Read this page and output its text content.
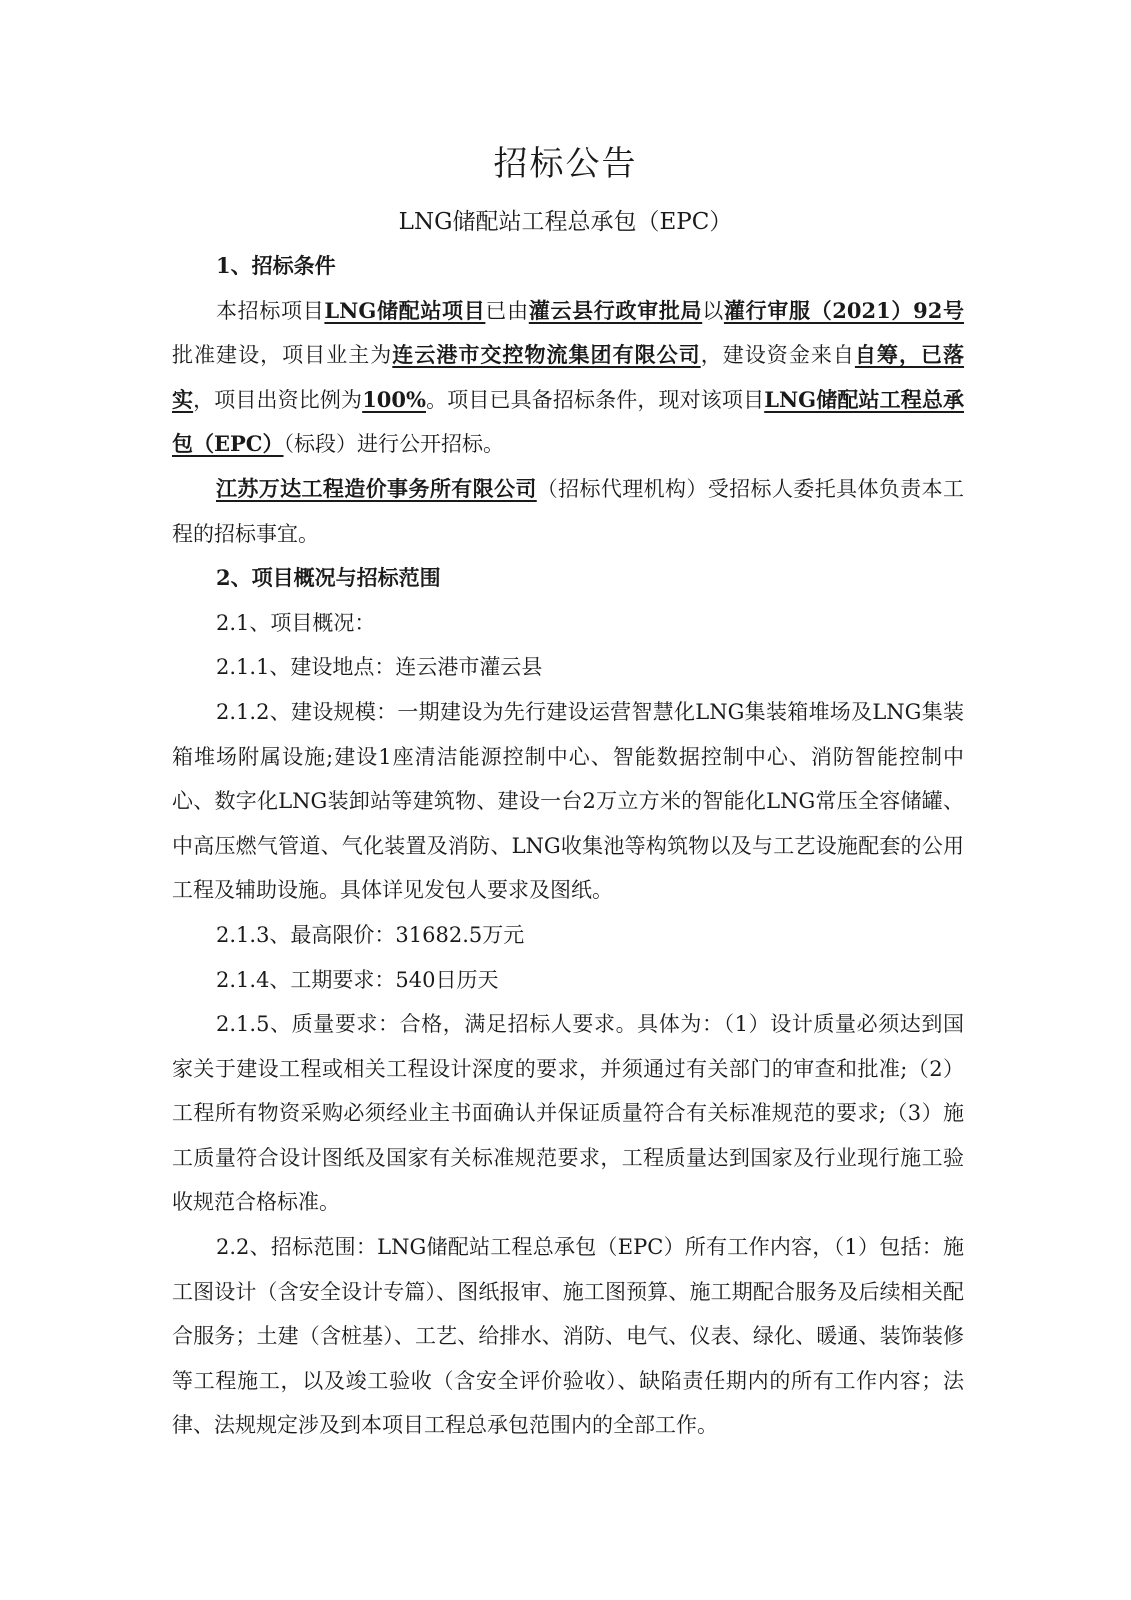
招标公告
LNG储配站工程总承包（EPC）

1、招标条件

本招标项目LNG储配站项目已由灌云县行政审批局以灌行审服（2021）92号批准建设，项目业主为连云港市交控物流集团有限公司，建设资金来自自筹，已落实，项目出资比例为100%。项目已具备招标条件，现对该项目LNG储配站工程总承包（EPC）（标段）进行公开招标。

江苏万达工程造价事务所有限公司（招标代理机构）受招标人委托具体负责本工程的招标事宜。

2、项目概况与招标范围

2.1、项目概况：

2.1.1、建设地点：连云港市灌云县

2.1.2、建设规模：一期建设为先行建设运营智慧化LNG集装箱堆场及LNG集装箱堆场附属设施;建设1座清洁能源控制中心、智能数据控制中心、消防智能控制中心、数字化LNG装卸站等建筑物、建设一台2万立方米的智能化LNG常压全容储罐、中高压燃气管道、气化装置及消防、LNG收集池等构筑物以及与工艺设施配套的公用工程及辅助设施。具体详见发包人要求及图纸。

2.1.3、最高限价：31682.5万元

2.1.4、工期要求：540日历天

2.1.5、质量要求：合格，满足招标人要求。具体为：（1）设计质量必须达到国家关于建设工程或相关工程设计深度的要求，并须通过有关部门的审查和批准;（2）工程所有物资采购必须经业主书面确认并保证质量符合有关标准规范的要求;（3）施工质量符合设计图纸及国家有关标准规范要求，工程质量达到国家及行业现行施工验收规范合格标准。

2.2、招标范围：LNG储配站工程总承包（EPC）所有工作内容，（1）包括：施工图设计（含安全设计专篇）、图纸报审、施工图预算、施工期配合服务及后续相关配合服务；土建（含桩基）、工艺、给排水、消防、电气、仪表、绿化、暖通、装饰装修等工程施工，以及竣工验收（含安全评价验收）、缺陷责任期内的所有工作内容；法律、法规规定涉及到本项目工程总承包范围内的全部工作。
